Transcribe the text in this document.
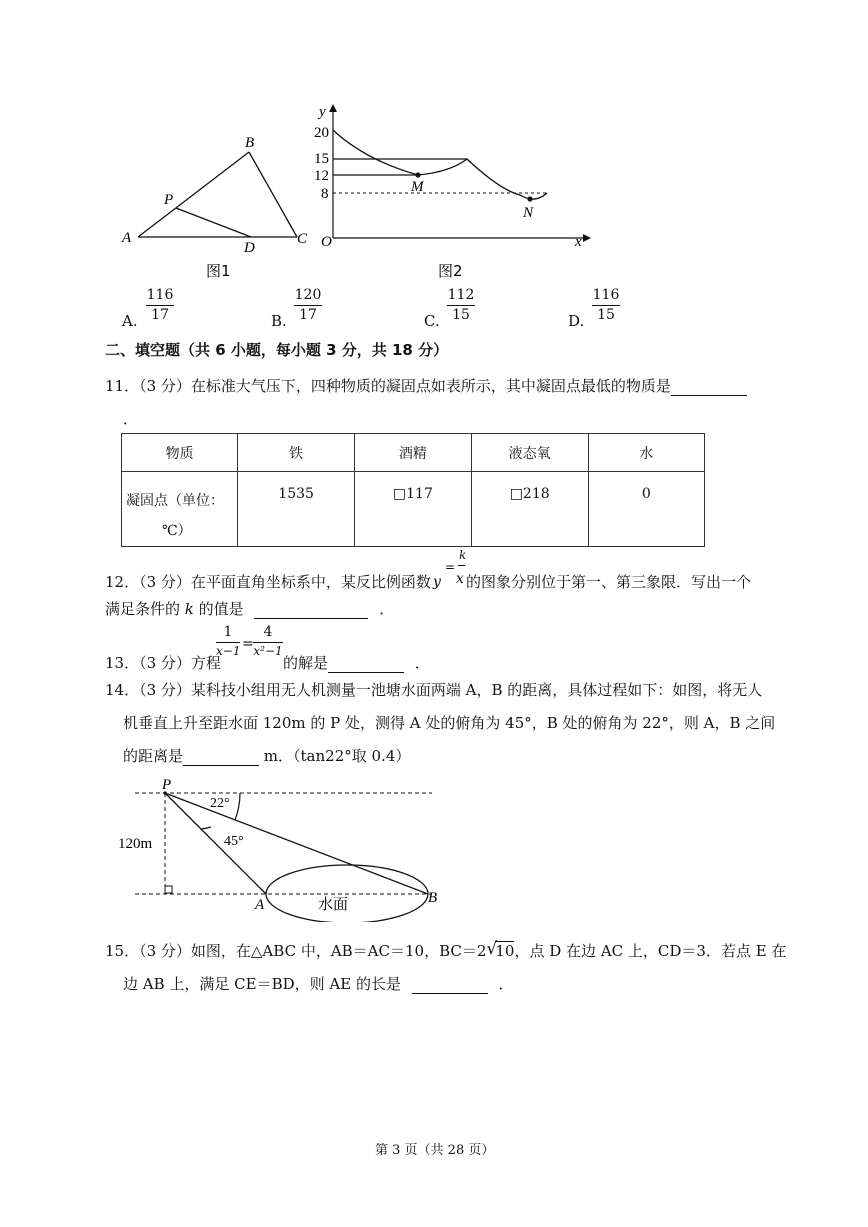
A
B
C
D
P
图1
y
x
O
20
15
12
8	M
N
图2
A.
116
17	B.
120
17	C.
112
15	D.
116
15
二、填空题（共 6 小题，每小题 3 分，共 18 分）
11．（3 分）在标准大气压下，四种物质的凝固点如表所示，其中凝固点最低的物质是
．
物质	铁	酒精	液态氧	水
凝固点（单位：
℃）	1535	□117	□218	0
12．（3 分）在平面直角坐标系中，某反比例函数 y
=
k
x 的图象分别位于第一、第三象限．写出一个
满足条件的 k 的值是	．
13．（3 分）方程
1
x−1 =
4
x²−1
的解是	．
14．（3 分）某科技小组用无人机测量一池塘水面两端 A，B 的距离，具体过程如下：如图，将无人
机垂直上升至距水面 120m 的 P 处，测得 A 处的俯角为 45°，B 处的俯角为 22°，则 A，B 之间
的距离是	m．（tan22°取 0.4）
P
A	B
120m
22°
45°
水面
15．（3 分）如图，在△ABC 中，AB＝AC＝10，BC＝2 √
10，点 D 在边 AC 上，CD＝3．若点 E 在
边 AB 上，满足 CE＝BD，则 AE 的长是	．
第 3 页（共 28 页）
